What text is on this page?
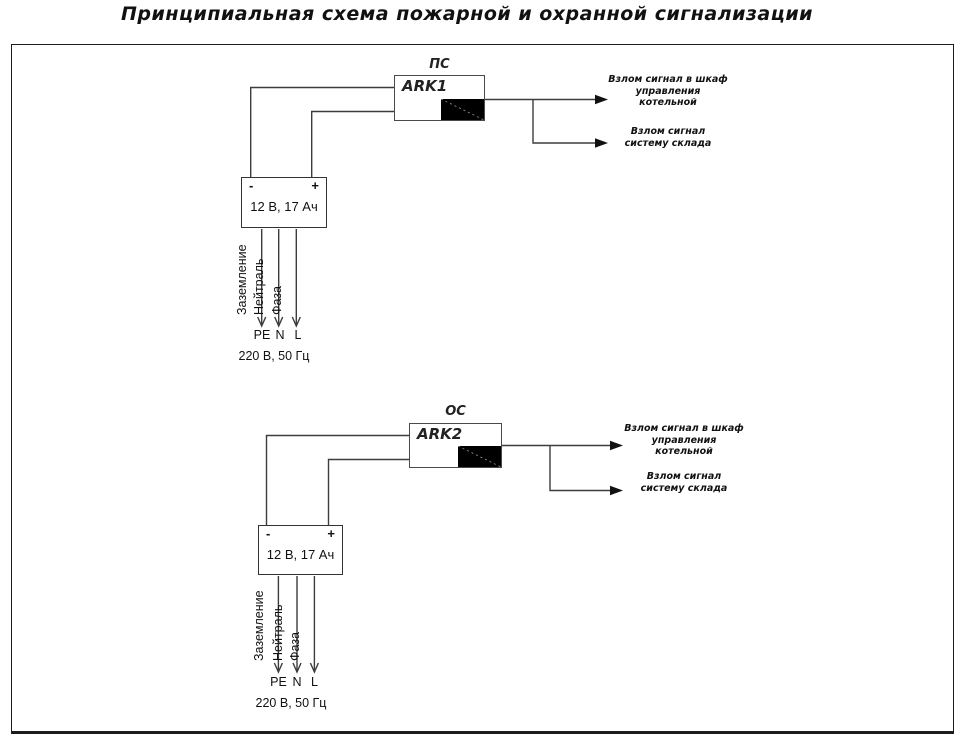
Принципиальная схема пожарной и охранной сигнализации
ПС
ARK1
-	+
12 В, 17 Ач
Заземление Нейтраль Фаза
PE N L
220 В, 50 Гц
Взлом сигнал в шкаф
управления
котельной
Взлом сигнал
систему склада
ОС
ARK2
-	+
12 В, 17 Ач
Заземление Нейтраль Фаза
PE N L
220 В, 50 Гц
Взлом сигнал в шкаф
управления
котельной
Взлом сигнал
систему склада
